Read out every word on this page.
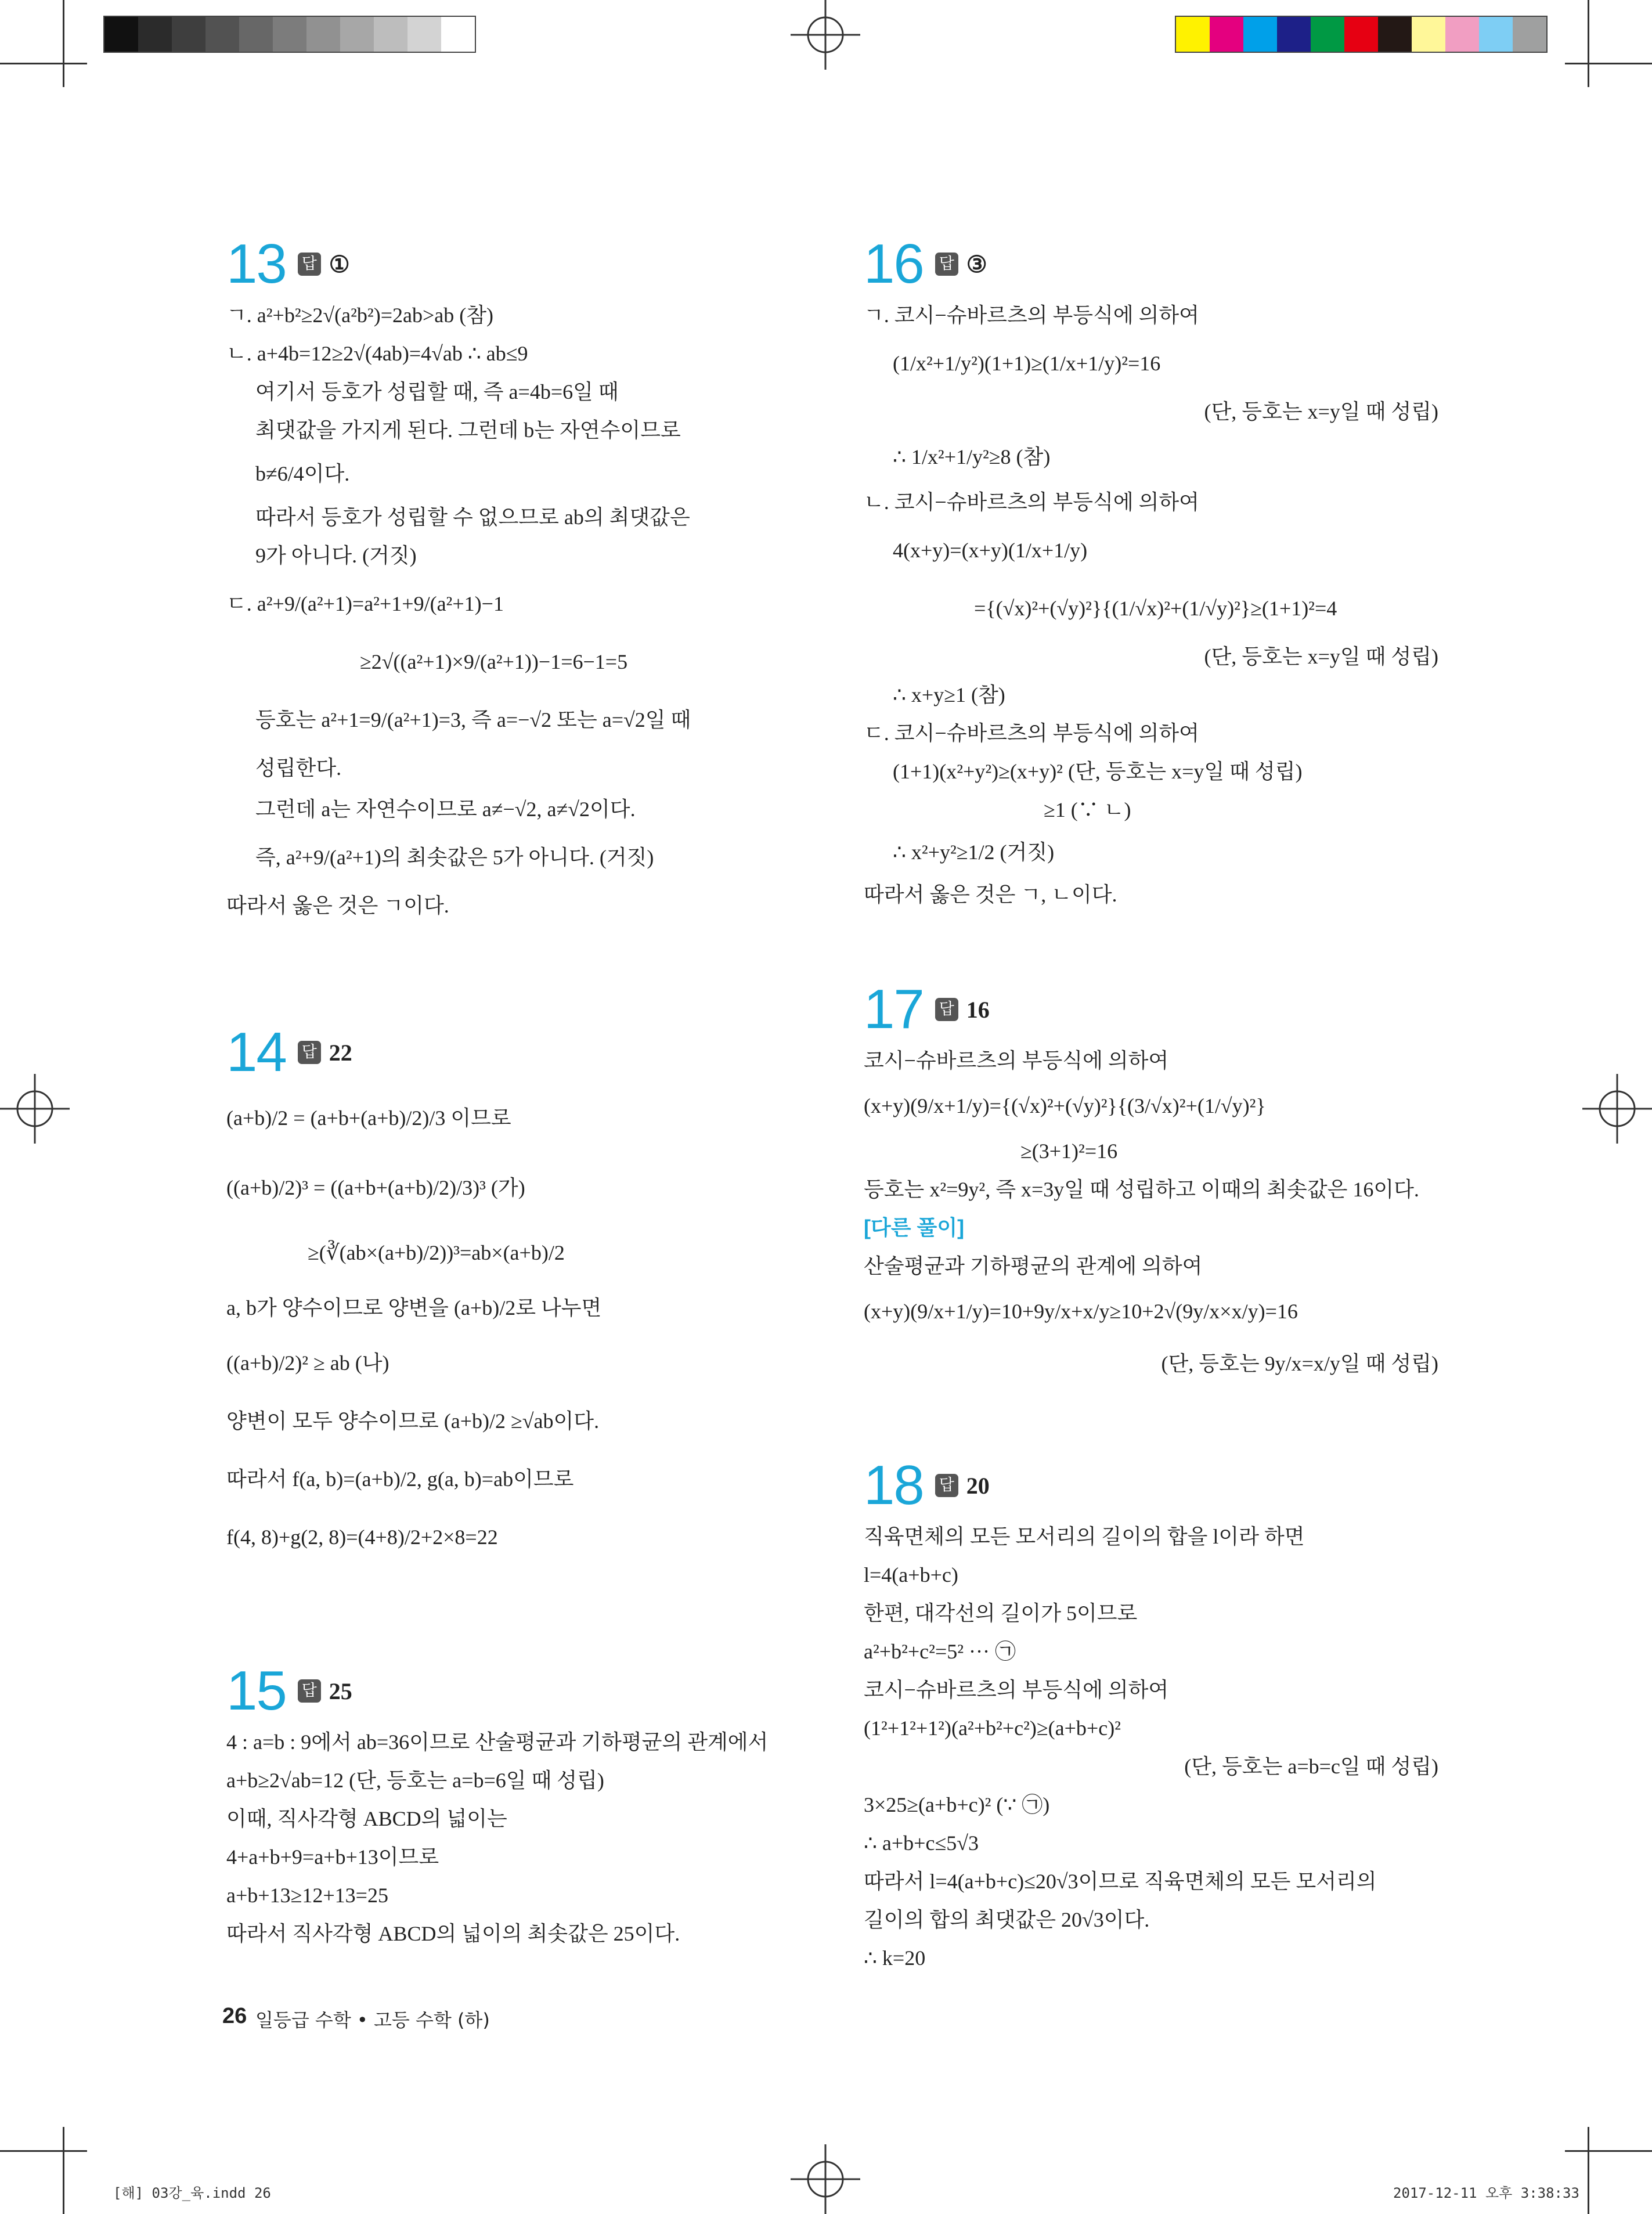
13 답 ①
ㄱ. a²+b²≥2√(a²b²)=2ab>ab (참)
ㄴ. a+4b=12≥2√(4ab)=4√ab ∴ ab≤9
여기서 등호가 성립할 때, 즉 a=4b=6일 때
최댓값을 가지게 된다. 그런데 b는 자연수이므로
b≠6/4이다.
따라서 등호가 성립할 수 없으므로 ab의 최댓값은
9가 아니다. (거짓)
ㄷ. a²+9/(a²+1)=a²+1+9/(a²+1)−1
≥2√((a²+1)×9/(a²+1))−1=6−1=5
등호는 a²+1=9/(a²+1)=3, 즉 a=−√2 또는 a=√2일 때
성립한다.
그런데 a는 자연수이므로 a≠−√2, a≠√2이다.
즉, a²+9/(a²+1)의 최솟값은 5가 아니다. (거짓)
따라서 옳은 것은 ㄱ이다.
14 답 22
(a+b)/2 = (a+b+(a+b)/2)/3 이므로
((a+b)/2)³ = ((a+b+(a+b)/2)/3)³ (가)
≥(∛(ab×(a+b)/2))³=ab×(a+b)/2
a, b가 양수이므로 양변을 (a+b)/2로 나누면
((a+b)/2)² ≥ ab (나)
양변이 모두 양수이므로 (a+b)/2 ≥√ab이다.
따라서 f(a, b)=(a+b)/2, g(a, b)=ab이므로
f(4, 8)+g(2, 8)=(4+8)/2+2×8=22
15 답 25
4 : a=b : 9에서 ab=36이므로 산술평균과 기하평균의 관계에서
a+b≥2√ab=12 (단, 등호는 a=b=6일 때 성립)
이때, 직사각형 ABCD의 넓이는
4+a+b+9=a+b+13이므로
a+b+13≥12+13=25
따라서 직사각형 ABCD의 넓이의 최솟값은 25이다.
16 답 ③
ㄱ. 코시−슈바르츠의 부등식에 의하여
(1/x²+1/y²)(1+1)≥(1/x+1/y)²=16
(단, 등호는 x=y일 때 성립)
∴ 1/x²+1/y²≥8 (참)
ㄴ. 코시−슈바르츠의 부등식에 의하여
4(x+y)=(x+y)(1/x+1/y)
={(√x)²+(√y)²}{(1/√x)²+(1/√y)²}≥(1+1)²=4
(단, 등호는 x=y일 때 성립)
∴ x+y≥1 (참)
ㄷ. 코시−슈바르츠의 부등식에 의하여
(1+1)(x²+y²)≥(x+y)² (단, 등호는 x=y일 때 성립)
≥1 (∵ ㄴ)
∴ x²+y²≥1/2 (거짓)
따라서 옳은 것은 ㄱ, ㄴ이다.
17 답 16
코시−슈바르츠의 부등식에 의하여
(x+y)(9/x+1/y)={(√x)²+(√y)²}{(3/√x)²+(1/√y)²}
≥(3+1)²=16
등호는 x²=9y², 즉 x=3y일 때 성립하고 이때의 최솟값은 16이다.
[다른 풀이]
산술평균과 기하평균의 관계에 의하여
(x+y)(9/x+1/y)=10+9y/x+x/y≥10+2√(9y/x×x/y)=16
(단, 등호는 9y/x=x/y일 때 성립)
18 답 20
직육면체의 모든 모서리의 길이의 합을 l이라 하면
l=4(a+b+c)
한편, 대각선의 길이가 5이므로
a²+b²+c²=5² ··· ㉠
코시−슈바르츠의 부등식에 의하여
(1²+1²+1²)(a²+b²+c²)≥(a+b+c)²
(단, 등호는 a=b=c일 때 성립)
3×25≥(a+b+c)² (∵ ㉠)
∴ a+b+c≤5√3
따라서 l=4(a+b+c)≤20√3이므로 직육면체의 모든 모서리의
길이의 합의 최댓값은 20√3이다.
∴ k=20
26 일등급 수학 • 고등 수학 (하)
[해] 03강_육.indd 26	2017-12-11 오후 3:38:33
